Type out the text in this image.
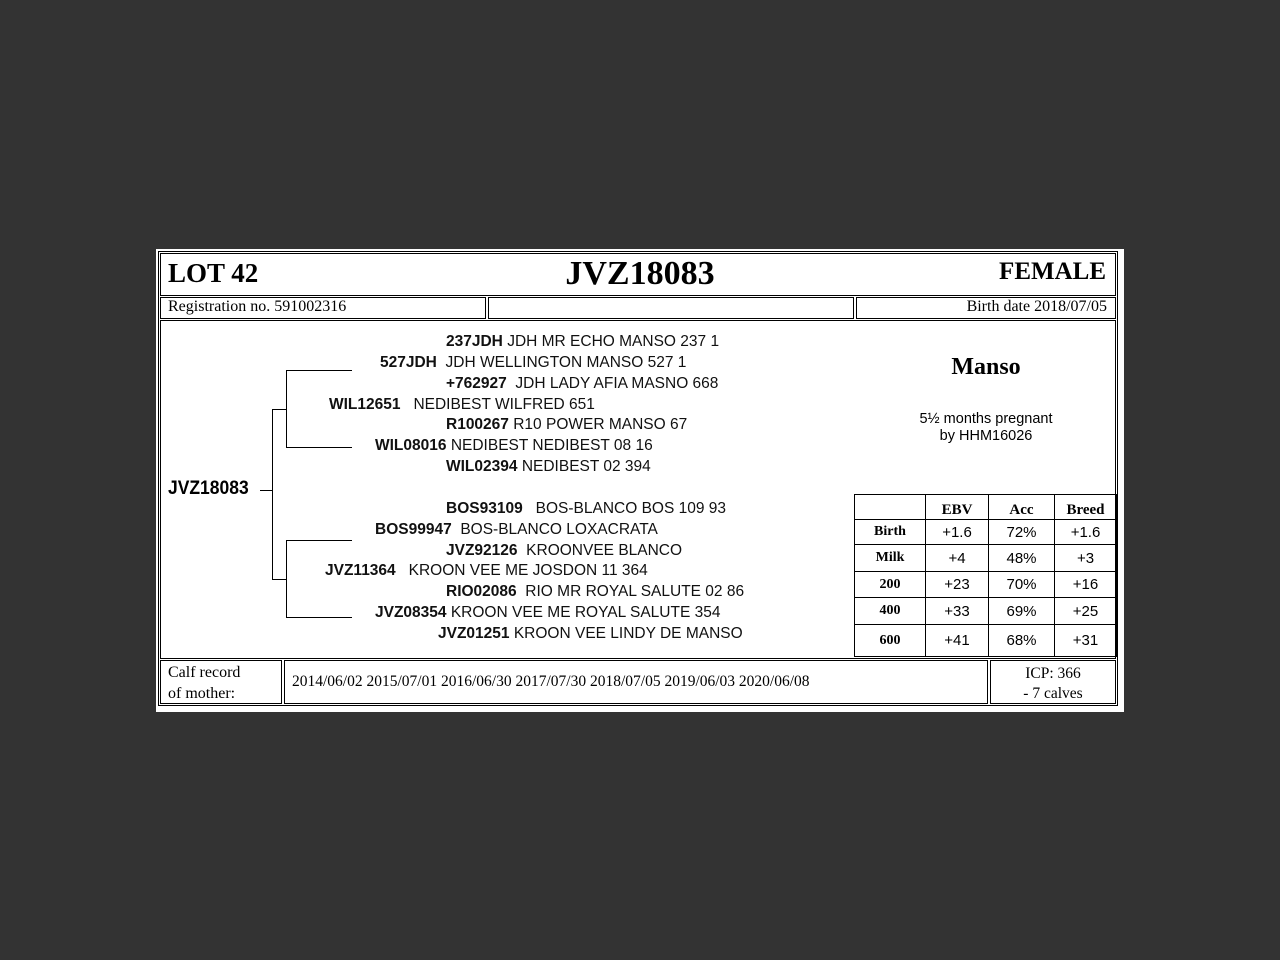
LOT 42	JVZ18083	FEMALE
Registration no. 591002316	Birth date 2018/07/05
JVZ18083
237JDH JDH MR ECHO MANSO 237 1
527JDH JDH WELLINGTON MANSO 527 1
+762927 JDH LADY AFIA MASNO 668
WIL12651 NEDIBEST WILFRED 651
R100267 R10 POWER MANSO 67
WIL08016 NEDIBEST NEDIBEST 08 16
WIL02394 NEDIBEST 02 394
BOS93109 BOS-BLANCO BOS 109 93
BOS99947 BOS-BLANCO LOXACRATA
JVZ92126 KROONVEE BLANCO
JVZ11364 KROON VEE ME JOSDON 11 364
RIO02086 RIO MR ROYAL SALUTE 02 86
JVZ08354 KROON VEE ME ROYAL SALUTE 354
JVZ01251 KROON VEE LINDY DE MANSO
Manso
5½ months pregnant
by HHM16026
	EBV	Acc	Breed
Birth	+1.6	72%	+1.6
Milk	+4	48%	+3
200	+23	70%	+16
400	+33	69%	+25
600	+41	68%	+31
Calf record
of mother:
2014/06/02 2015/07/01 2016/06/30 2017/07/30 2018/07/05 2019/06/03 2020/06/08	ICP: 366
- 7 calves
